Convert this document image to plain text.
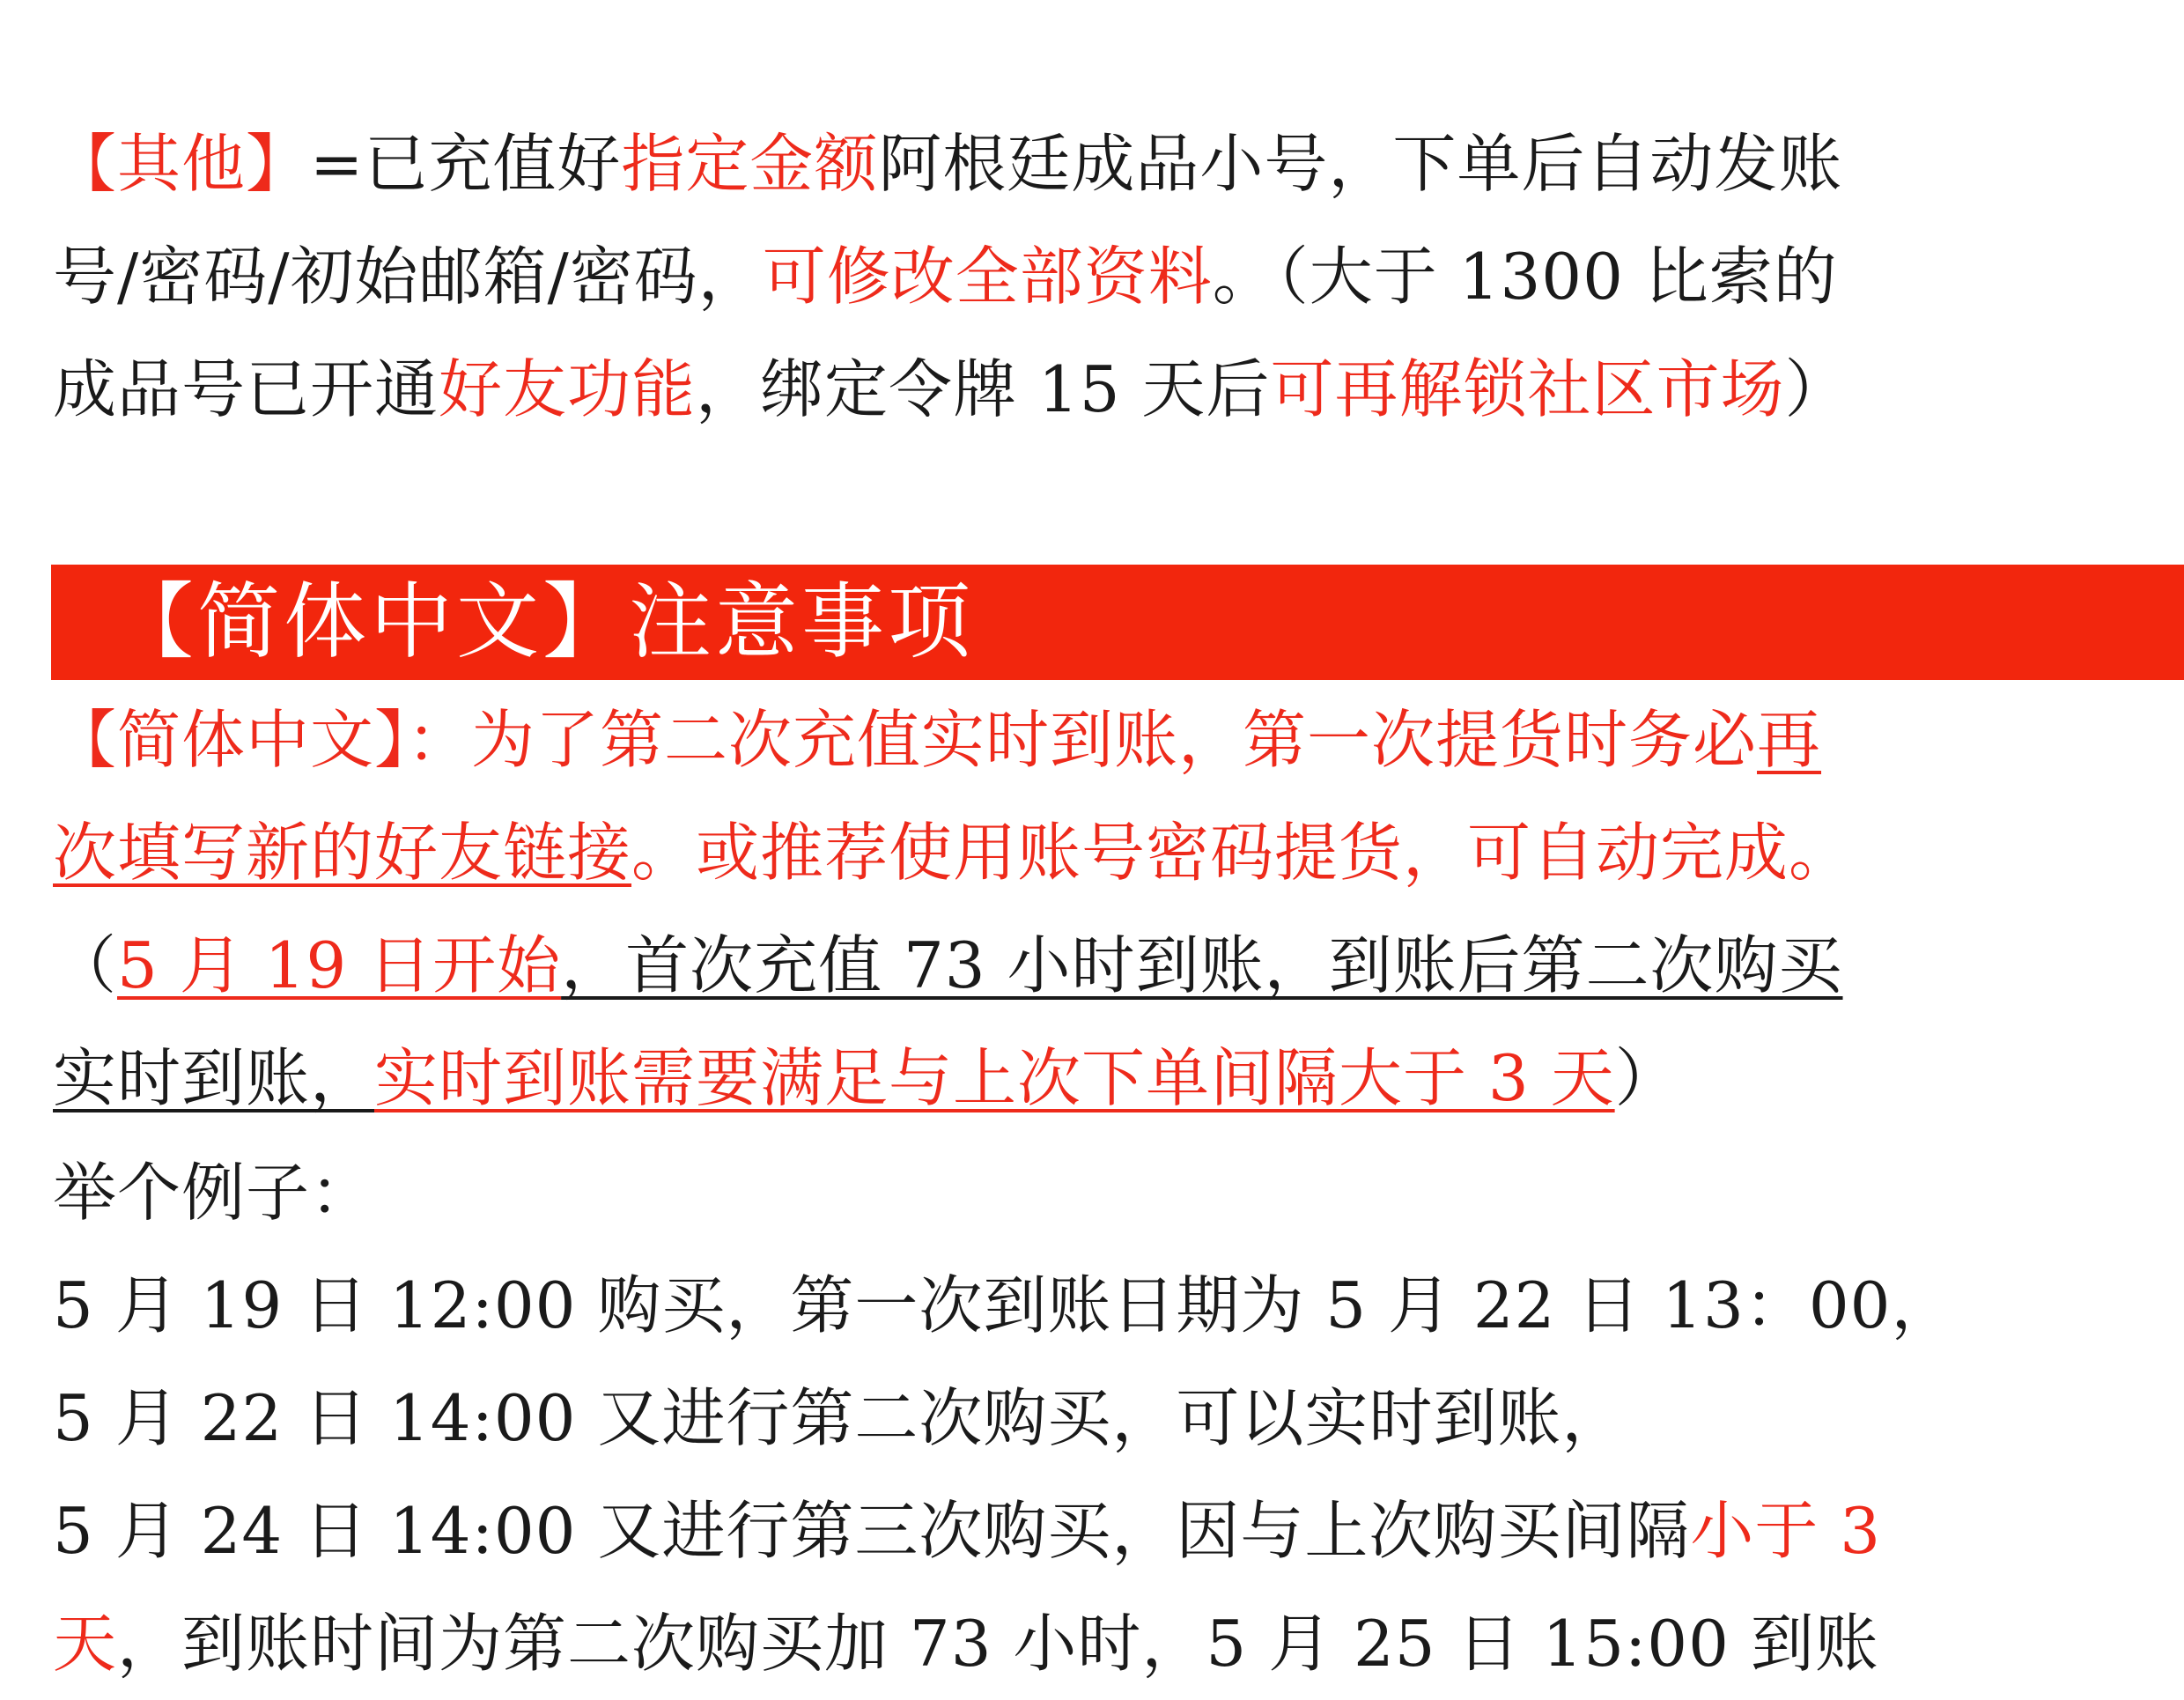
【其他】=已充值好指定金额阿根廷成品小号，下单后自动发账
号/密码/初始邮箱/密码，可修改全部资料。（大于 1300 比索的
成品号已开通好友功能，绑定令牌 15 天后可再解锁社区市场）
【简体中文】注意事项
【简体中文】：为了第二次充值实时到账，第一次提货时务必再
次填写新的好友链接。或推荐使用账号密码提货，可自动完成。
（5 月 19 日开始，首次充值 73 小时到账，到账后第二次购买
实时到账，实时到账需要满足与上次下单间隔大于 3 天）
举个例子：
5 月 19 日 12:00 购买，第一次到账日期为 5 月 22 日 13：00，
5 月 22 日 14:00 又进行第二次购买，可以实时到账，
5 月 24 日 14:00 又进行第三次购买，因与上次购买间隔小于 3
天，到账时间为第二次购买加 73 小时，5 月 25 日 15:00 到账
